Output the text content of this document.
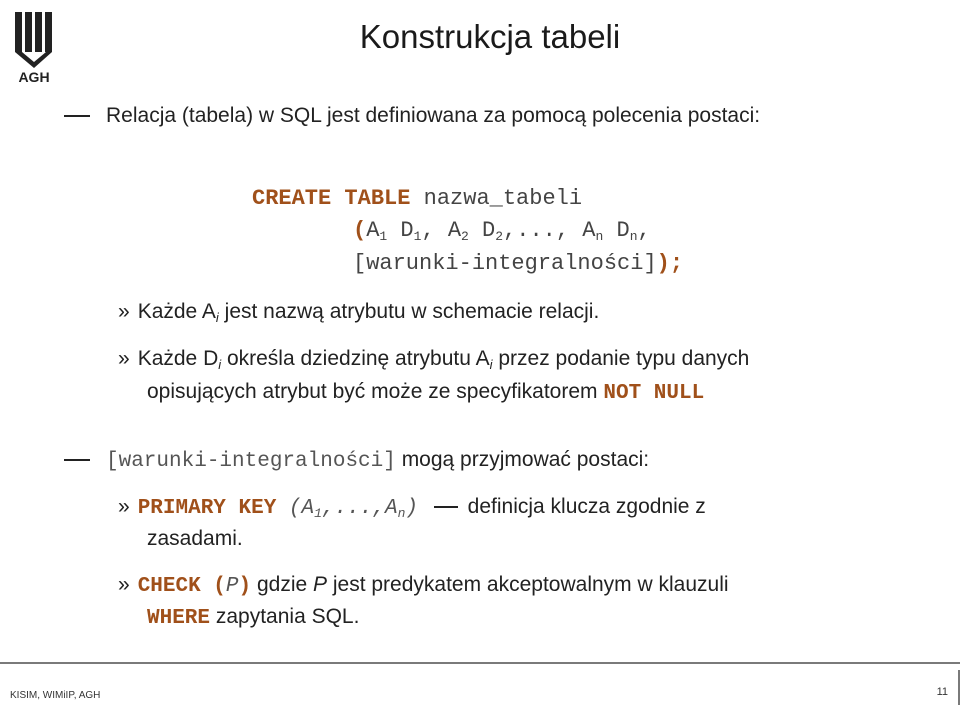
AGH
Konstrukcja tabeli
Relacja (tabela) w SQL jest definiowana za pomocą polecenia postaci:
CREATE TABLE nazwa_tabeli
($A_1$ $D_1$, $A_2$ $D_2$,..., $A_n$ $D_n$,
[warunki-integralności]);
» Każde $A_i$ jest nazwą atrybutu w schemacie relacji.
» Każde $D_i$ określa dziedzinę atrybutu $A_i$ przez podanie typu danych
opisujących atrybut być może ze specyfikatorem NOT NULL
[warunki-integralności] mogą przyjmować postaci:
» PRIMARY KEY $(A_1,...,A_n)$  definicja klucza zgodnie z
zasadami.
» CHECK (P) gdzie P jest predykatem akceptowalnym w klauzuli
WHERE zapytania SQL.
KISIM, WIMiIP, AGH	11
